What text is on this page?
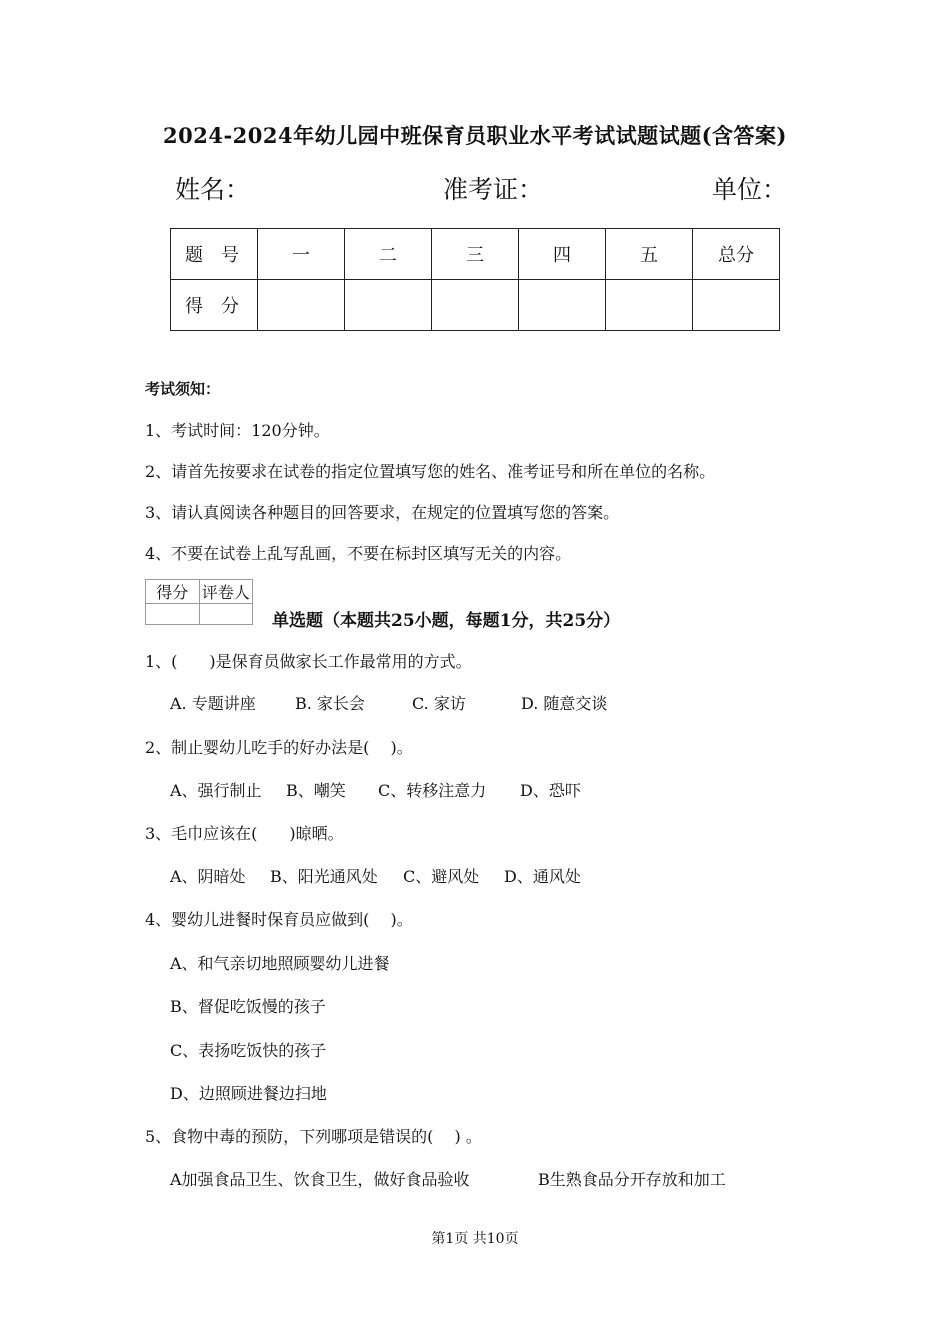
2024-2024年幼儿园中班保育员职业水平考试试题试题(含答案)
姓名：	准考证：	单位：
题号	一	二	三	四	五	总分
得分						
考试须知：
1、考试时间：120分钟。
2、请首先按要求在试卷的指定位置填写您的姓名、准考证号和所在单位的名称。
3、请认真阅读各种题目的回答要求，在规定的位置填写您的答案。
4、不要在试卷上乱写乱画，不要在标封区填写无关的内容。
得分	评卷人

单选题（本题共25小题，每题1分，共25分）
1、(　　)是保育员做家长工作最常用的方式。
A. 专题讲座 B. 家长会	C. 家访	D. 随意交谈
2、制止婴幼儿吃手的好办法是(　 )。
A、强行制止 B、嘲笑 C、转移注意力 D、恐吓
3、毛巾应该在(　　)晾晒。
A、阴暗处 B、阳光通风处 C、避风处 D、通风处
4、婴幼儿进餐时保育员应做到(　 )。
A、和气亲切地照顾婴幼儿进餐
B、督促吃饭慢的孩子
C、表扬吃饭快的孩子
D、边照顾进餐边扫地
5、食物中毒的预防，下列哪项是错误的(　 ) 。
A加强食品卫生、饮食卫生，做好食品验收	B生熟食品分开存放和加工
第1页 共10页
